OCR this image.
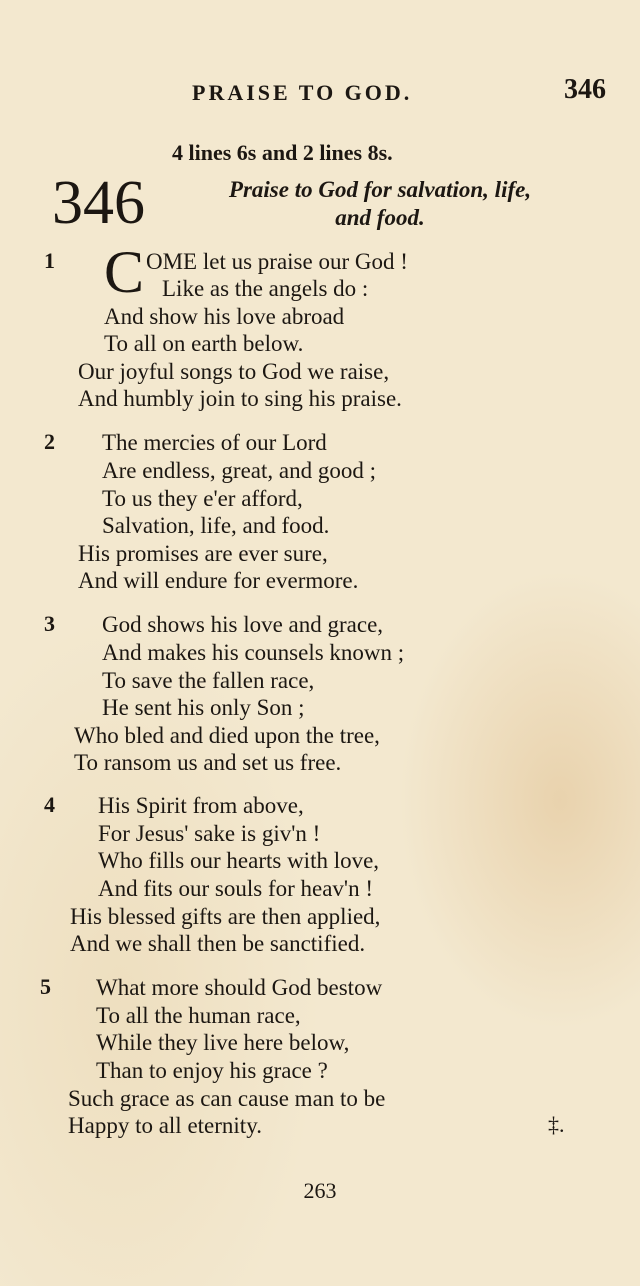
PRAISE TO GOD.	346
4 lines 6s and 2 lines 8s.
346	Praise to God for salvation, life,
and food.
1 C OME let us praise our God !
Like as the angels do :
And show his love abroad
To all on earth below.
Our joyful songs to God we raise,
And humbly join to sing his praise.
2 The mercies of our Lord
Are endless, great, and good ;
To us they e'er afford,
Salvation, life, and food.
His promises are ever sure,
And will endure for evermore.
3 God shows his love and grace,
And makes his counsels known ;
To save the fallen race,
He sent his only Son ;
Who bled and died upon the tree,
To ransom us and set us free.
4 His Spirit from above,
For Jesus' sake is giv'n !
Who fills our hearts with love,
And fits our souls for heav'n !
His blessed gifts are then applied,
And we shall then be sanctified.
5 What more should God bestow
To all the human race,
While they live here below,
Than to enjoy his grace ?
Such grace as can cause man to be
Happy to all eternity.	‡.
263
